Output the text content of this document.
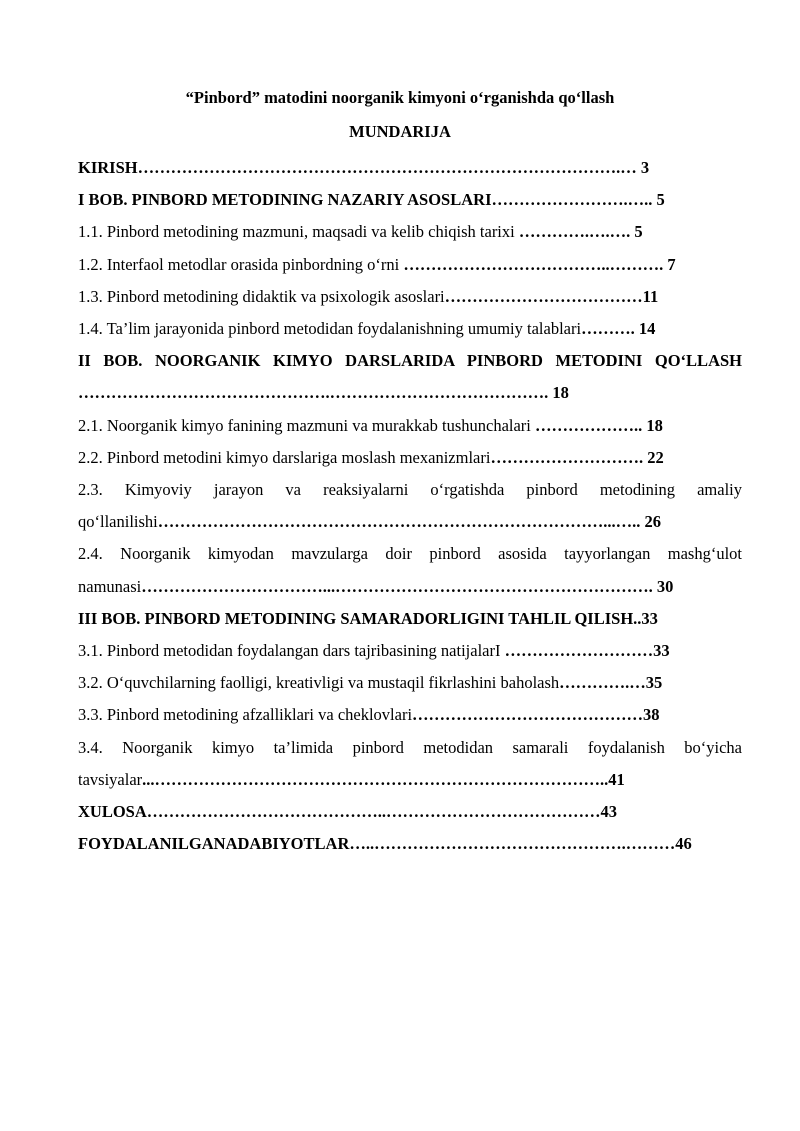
“Pinbord” matodini noorganik kimyoni o‘rganishda qo‘llash
MUNDARIJA
KIRISH…………………………………………………………………………….… 3
I BOB. PINBORD METODINING NAZARIY ASOSLARI…………………….….. 5
1.1. Pinbord metodining mazmuni, maqsadi va kelib chiqish tarixi ………….….…. 5
1.2. Interfaol metodlar orasida pinbordning o‘rni ………………………………..………. 7
1.3. Pinbord metodining didaktik va psixologik asoslari………………………………11
1.4. Ta’lim jarayonida pinbord metodidan foydalanishning umumiy talablari………. 14
II BOB. NOORGANIK KIMYO DARSLARIDA PINBORD METODINI QO‘LLASH ……………………………………….…………………………………. 18
2.1. Noorganik kimyo fanining mazmuni va murakkab tushunchalari ……………….. 18
2.2. Pinbord metodini kimyo darslariga moslash mexanizmlari………………………. 22
2.3. Kimyoviy jarayon va reaksiyalarni o‘rgatishda pinbord metodining amaliy qo‘llanilishi………………………………………………………………………...….. 26
2.4. Noorganik kimyodan mavzularga doir pinbord asosida tayyorlangan mashg‘ulot namunasi……………………………...…………………………………………………. 30
III BOB. PINBORD METODINING SAMARADORLIGINI TAHLIL QILISH..33
3.1. Pinbord metodidan foydalangan dars tajribasining natijalarI ………………………33
3.2. O‘quvchilarning faolligi, kreativligi va mustaqil fikrlashini baholash………….…35
3.3. Pinbord metodining afzalliklari va cheklovlari……………………………………38
3.4. Noorganik kimyo ta’limida pinbord metodidan samarali foydalanish bo‘yicha tavsiyalar...………………………………………………………………………..41
XULOSA……………………………………..…………………………………43
FOYDALANILGANADABIYOTLAR…..……………………………………….………46
